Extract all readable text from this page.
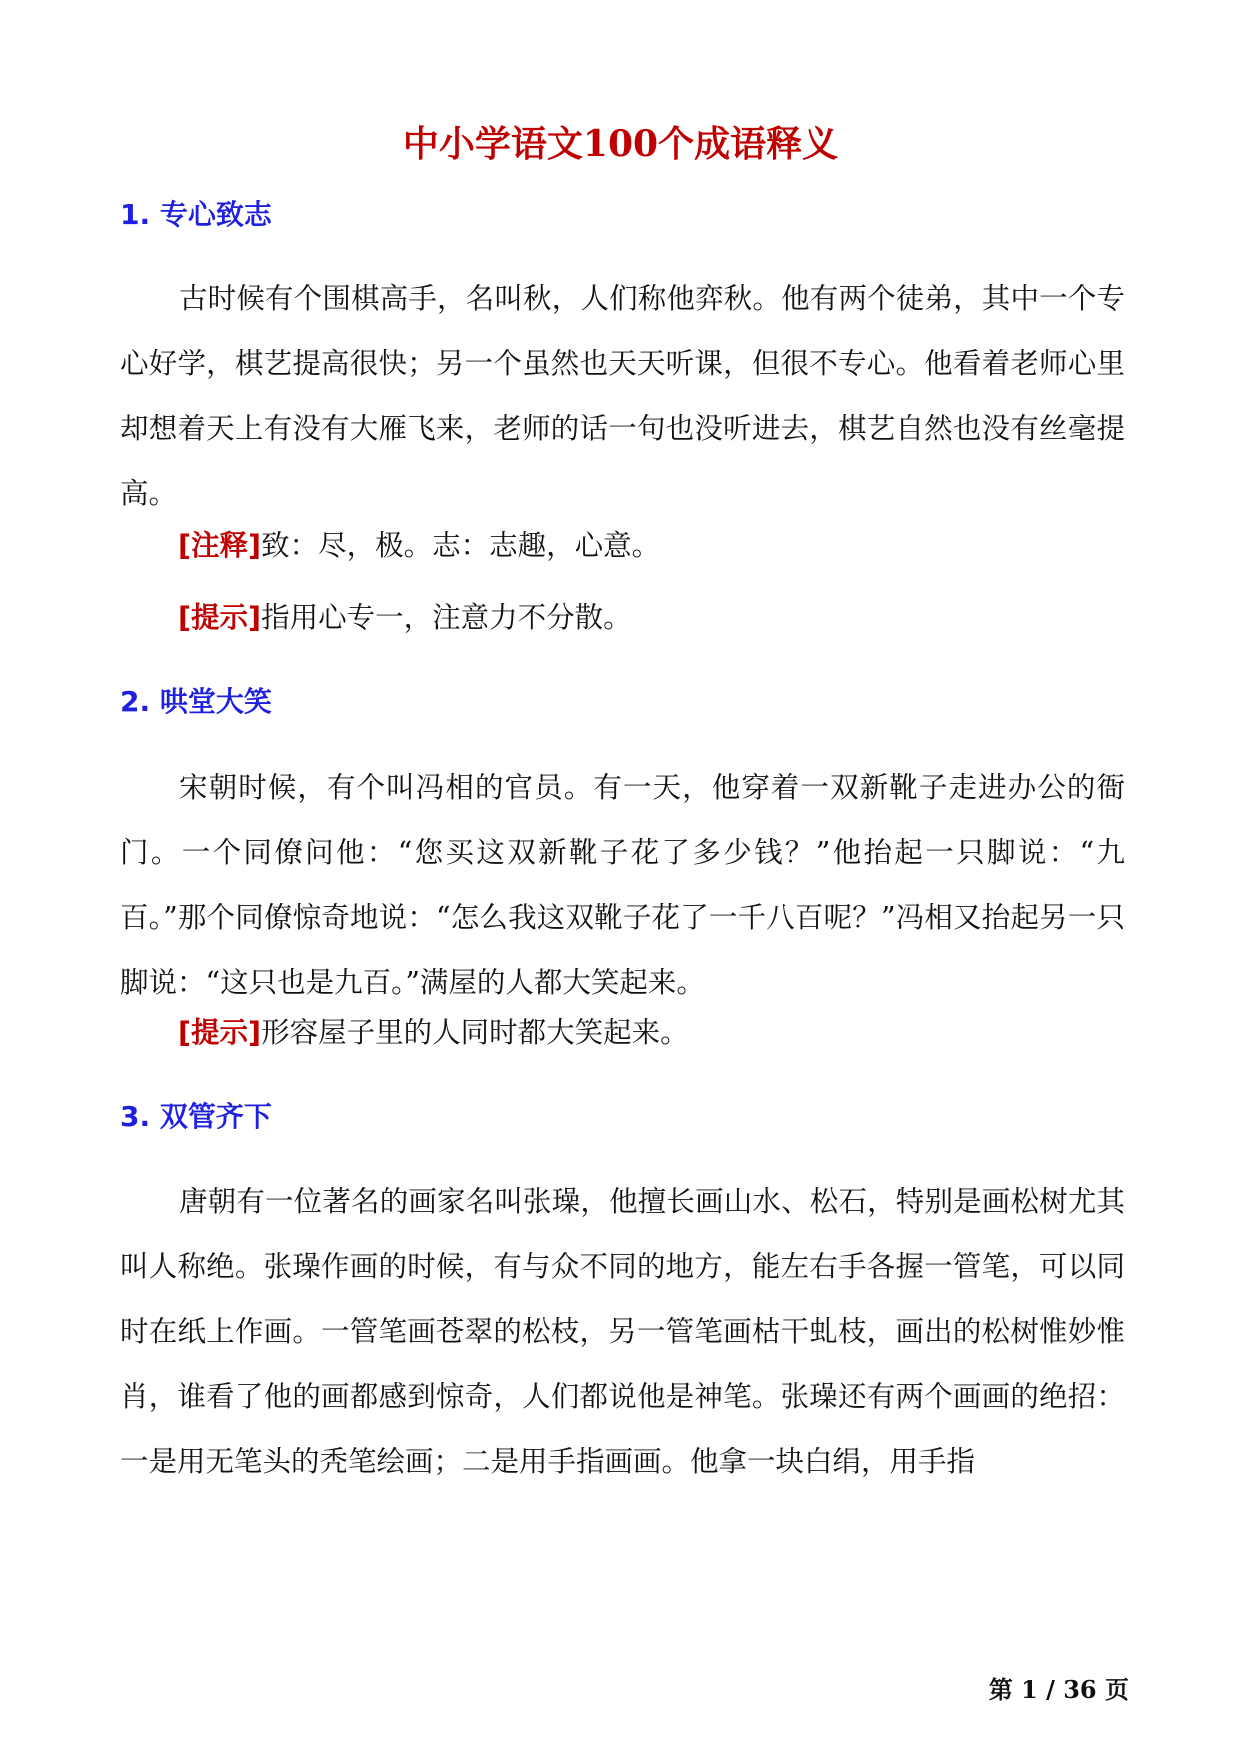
中小学语文100个成语释义
1. 专心致志

古时候有个围棋高手，名叫秋，人们称他弈秋。他有两个徒弟，其中一个专心好学，棋艺提高很快；另一个虽然也天天听课，但很不专心。他看着老师心里却想着天上有没有大雁飞来，老师的话一句也没听进去，棋艺自然也没有丝毫提高。

[注释]致：尽，极。志：志趣，心意。

[提示]指用心专一，注意力不分散。

2. 哄堂大笑

宋朝时候，有个叫冯相的官员。有一天，他穿着一双新靴子走进办公的衙门。一个同僚问他：“您买这双新靴子花了多少钱？”他抬起一只脚说：“九百。”那个同僚惊奇地说：“怎么我这双靴子花了一千八百呢？”冯相又抬起另一只脚说：“这只也是九百。”满屋的人都大笑起来。

[提示]形容屋子里的人同时都大笑起来。

3. 双管齐下

唐朝有一位著名的画家名叫张璪，他擅长画山水、松石，特别是画松树尤其叫人称绝。张璪作画的时候，有与众不同的地方，能左右手各握一管笔，可以同时在纸上作画。一管笔画苍翠的松枝，另一管笔画枯干虬枝，画出的松树惟妙惟肖，谁看了他的画都感到惊奇，人们都说他是神笔。张璪还有两个画画的绝招：一是用无笔头的秃笔绘画；二是用手指画画。他拿一块白绢，用手指

第 1 / 36 页
